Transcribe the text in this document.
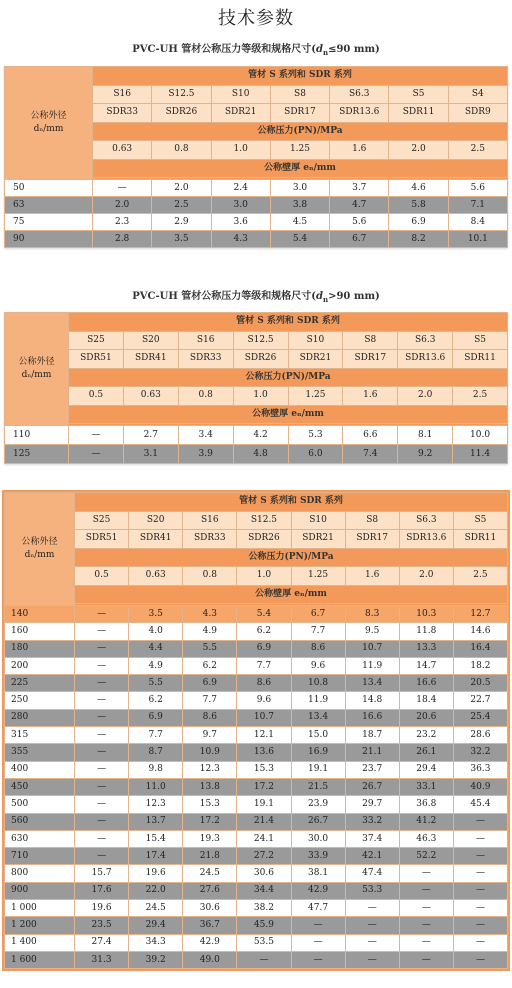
技术参数
PVC-UH 管材公称压力等级和规格尺寸($d_n\le 90$ mm)
公称外径
dₙ/mm	管材 S 系列和 SDR 系列						
	S16	S12.5	S10	S8	S6.3	S5	S4
	SDR33	SDR26	SDR21	SDR17	SDR13.6	SDR11	SDR9
	公称压力(PN)/MPa						
	0.63	0.8	1.0	1.25	1.6	2.0	2.5
	公称壁厚 eₙ/mm						

50	—	2.0	2.4	3.0	3.7	4.6	5.6
63	2.0	2.5	3.0	3.8	4.7	5.8	7.1
75	2.3	2.9	3.6	4.5	5.6	6.9	8.4
90	2.8	3.5	4.3	5.4	6.7	8.2	10.1
PVC-UH 管材公称压力等级和规格尺寸($d_n>90$ mm)
公称外径
dₙ/mm	管材 S 系列和 SDR 系列							
	S25	S20	S16	S12.5	S10	S8	S6.3	S5
	SDR51	SDR41	SDR33	SDR26	SDR21	SDR17	SDR13.6	SDR11
	公称压力(PN)/MPa							
	0.5	0.63	0.8	1.0	1.25	1.6	2.0	2.5
	公称壁厚 eₙ/mm							

110	—	2.7	3.4	4.2	5.3	6.6	8.1	10.0
125	—	3.1	3.9	4.8	6.0	7.4	9.2	11.4
公称外径
dₙ/mm	管材 S 系列和 SDR 系列							
	S25	S20	S16	S12.5	S10	S8	S6.3	S5
	SDR51	SDR41	SDR33	SDR26	SDR21	SDR17	SDR13.6	SDR11
	公称压力(PN)/MPa							
	0.5	0.63	0.8	1.0	1.25	1.6	2.0	2.5
	公称壁厚 eₙ/mm							

140	—	3.5	4.3	5.4	6.7	8.3	10.3	12.7
160	—	4.0	4.9	6.2	7.7	9.5	11.8	14.6
180	—	4.4	5.5	6.9	8.6	10.7	13.3	16.4
200	—	4.9	6.2	7.7	9.6	11.9	14.7	18.2
225	—	5.5	6.9	8.6	10.8	13.4	16.6	20.5
250	—	6.2	7.7	9.6	11.9	14.8	18.4	22.7
280	—	6.9	8.6	10.7	13.4	16.6	20.6	25.4
315	—	7.7	9.7	12.1	15.0	18.7	23.2	28.6
355	—	8.7	10.9	13.6	16.9	21.1	26.1	32.2
400	—	9.8	12.3	15.3	19.1	23.7	29.4	36.3
450	—	11.0	13.8	17.2	21.5	26.7	33.1	40.9
500	—	12.3	15.3	19.1	23.9	29.7	36.8	45.4
560	—	13.7	17.2	21.4	26.7	33.2	41.2	—
630	—	15.4	19.3	24.1	30.0	37.4	46.3	—
710	—	17.4	21.8	27.2	33.9	42.1	52.2	—
800	15.7	19.6	24.5	30.6	38.1	47.4	—	—
900	17.6	22.0	27.6	34.4	42.9	53.3	—	—
1 000	19.6	24.5	30.6	38.2	47.7	—	—	—
1 200	23.5	29.4	36.7	45.9	—	—	—	—
1 400	27.4	34.3	42.9	53.5	—	—	—	—
1 600	31.3	39.2	49.0	—	—	—	—	—
